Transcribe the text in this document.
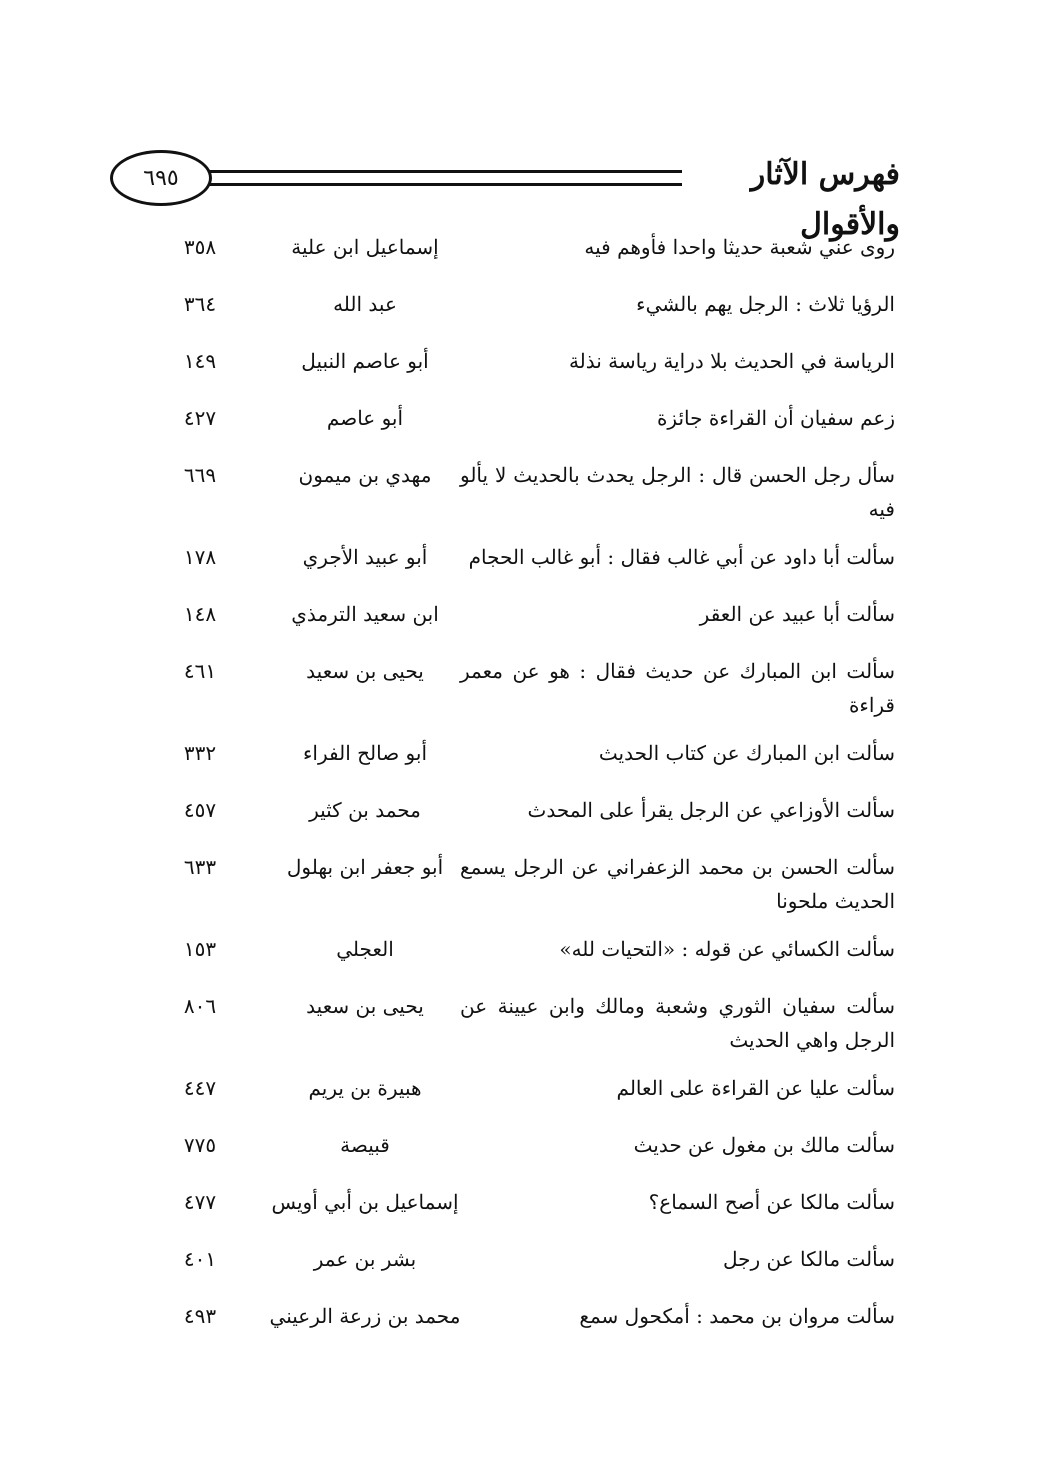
٦٩٥	فهرس الآثار والأقوال
روى عني شعبة حديثا واحدا فأوهم فيه
إسماعيل ابن علية
٣٥٨
الرؤيا ثلاث : الرجل يهم بالشيء
عبد الله
٣٦٤
الرياسة في الحديث بلا دراية رياسة نذلة
أبو عاصم النبيل
١٤٩
زعم سفيان أن القراءة جائزة
أبو عاصم
٤٢٧
سأل رجل الحسن قال : الرجل يحدث بالحديث لا يألو فيه
مهدي بن ميمون
٦٦٩
سألت أبا داود عن أبي غالب فقال : أبو غالب الحجام
أبو عبيد الأجري
١٧٨
سألت أبا عبيد عن العقر
ابن سعيد الترمذي
١٤٨
سألت ابن المبارك عن حديث فقال : هو عن معمر قراءة
يحيى بن سعيد
٤٦١
سألت ابن المبارك عن كتاب الحديث
أبو صالح الفراء
٣٣٢
سألت الأوزاعي عن الرجل يقرأ على المحدث
محمد بن كثير
٤٥٧
سألت الحسن بن محمد الزعفراني عن الرجل يسمع الحديث ملحونا
أبو جعفر ابن بهلول
٦٣٣
سألت الكسائي عن قوله : «التحيات لله»
العجلي
١٥٣
سألت سفيان الثوري وشعبة ومالك وابن عيينة عن الرجل واهي الحديث
يحيى بن سعيد
٨٠٦
سألت عليا عن القراءة على العالم
هبيرة بن يريم
٤٤٧
سألت مالك بن مغول عن حديث
قبيصة
٧٧٥
سألت مالكا عن أصح السماع؟
إسماعيل بن أبي أويس
٤٧٧
سألت مالكا عن رجل
بشر بن عمر
٤٠١
سألت مروان بن محمد : أمكحول سمع
محمد بن زرعة الرعيني
٤٩٣
